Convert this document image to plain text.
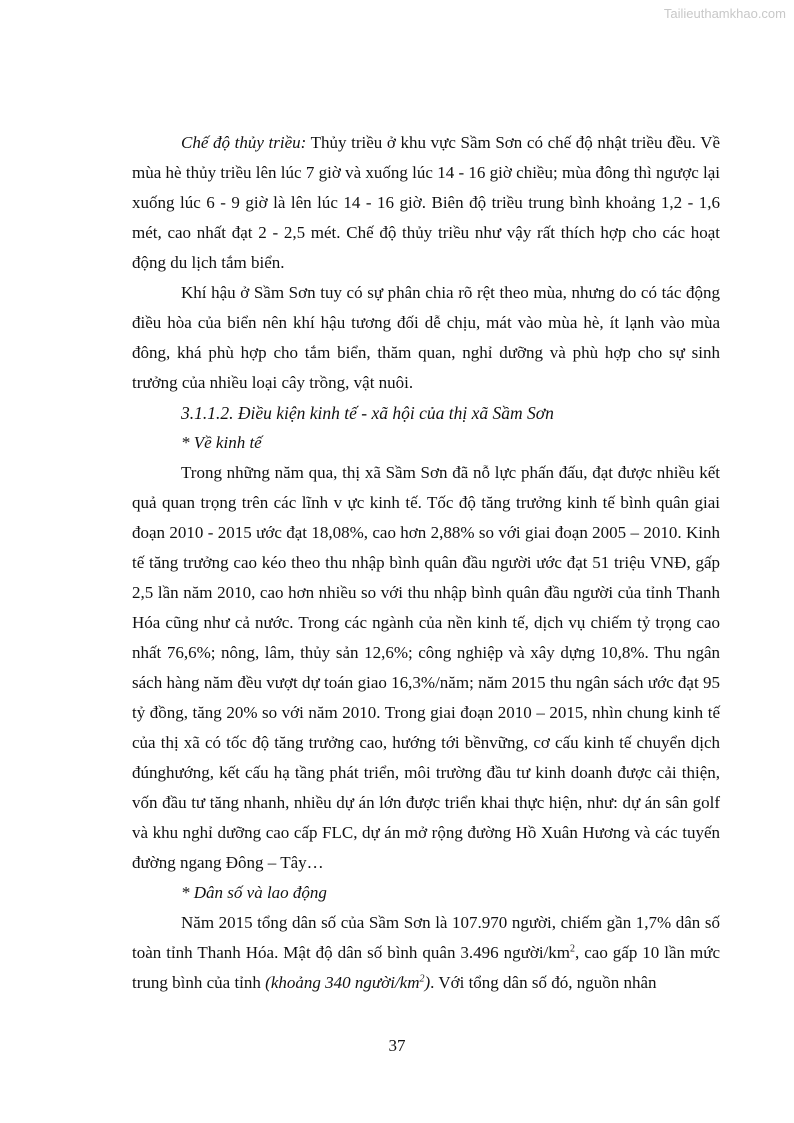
Tailieuthamkhao.com

Chế độ thủy triều: Thủy triều ở khu vực Sầm Sơn có chế độ nhật triều đều. Về mùa hè thủy triều lên lúc 7 giờ và xuống lúc 14 - 16 giờ chiều; mùa đông thì ngược lại xuống lúc 6 - 9 giờ là lên lúc 14 - 16 giờ. Biên độ triều trung bình khoảng 1,2 - 1,6 mét, cao nhất đạt 2 - 2,5 mét. Chế độ thủy triều như vậy rất thích hợp cho các hoạt động du lịch tắm biển.

Khí hậu ở Sầm Sơn tuy có sự phân chia rõ rệt theo mùa, nhưng do có tác động điều hòa của biển nên khí hậu tương đối dễ chịu, mát vào mùa hè, ít lạnh vào mùa đông, khá phù hợp cho tắm biển, thăm quan, nghỉ dưỡng và phù hợp cho sự sinh trưởng của nhiều loại cây trồng, vật nuôi.

3.1.1.2. Điều kiện kinh tế - xã hội của thị xã Sầm Sơn

* Về kinh tế

Trong những năm qua, thị xã Sầm Sơn đã nỗ lực phấn đấu, đạt được nhiều kết quả quan trọng trên các lĩnh v ực kinh tế. Tốc độ tăng trưởng kinh tế bình quân giai đoạn 2010 - 2015 ước đạt 18,08%, cao hơn 2,88% so với giai đoạn 2005 – 2010. Kinh tế tăng trưởng cao kéo theo thu nhập bình quân đầu người ước đạt 51 triệu VNĐ, gấp 2,5 lần năm 2010, cao hơn nhiều so với thu nhập bình quân đầu người của tỉnh Thanh Hóa cũng như cả nước. Trong các ngành của nền kinh tế, dịch vụ chiếm tỷ trọng cao nhất 76,6%; nông, lâm, thủy sản 12,6%; công nghiệp và xây dựng 10,8%. Thu ngân sách hàng năm đều vượt dự toán giao 16,3%/năm; năm 2015 thu ngân sách ước đạt 95 tỷ đồng, tăng 20% so với năm 2010. Trong giai đoạn 2010 – 2015, nhìn chung kinh tế của thị xã có tốc độ tăng trưởng cao, hướng tới bềnvững, cơ cấu kinh tế chuyển dịch đúnghướng, kết cấu hạ tầng phát triển, môi trường đầu tư kinh doanh được cải thiện, vốn đầu tư tăng nhanh, nhiều dự án lớn được triển khai thực hiện, như: dự án sân golf và khu nghỉ dưỡng cao cấp FLC, dự án mở rộng đường Hồ Xuân Hương và các tuyến đường ngang Đông – Tây…

* Dân số và lao động

Năm 2015 tổng dân số của Sầm Sơn là 107.970 người, chiếm gần 1,7% dân số toàn tỉnh Thanh Hóa. Mật độ dân số bình quân 3.496 người/$km^2$, cao gấp 10 lần mức trung bình của tỉnh (khoảng 340 người/$km^2$). Với tổng dân số đó, nguồn nhân

37
